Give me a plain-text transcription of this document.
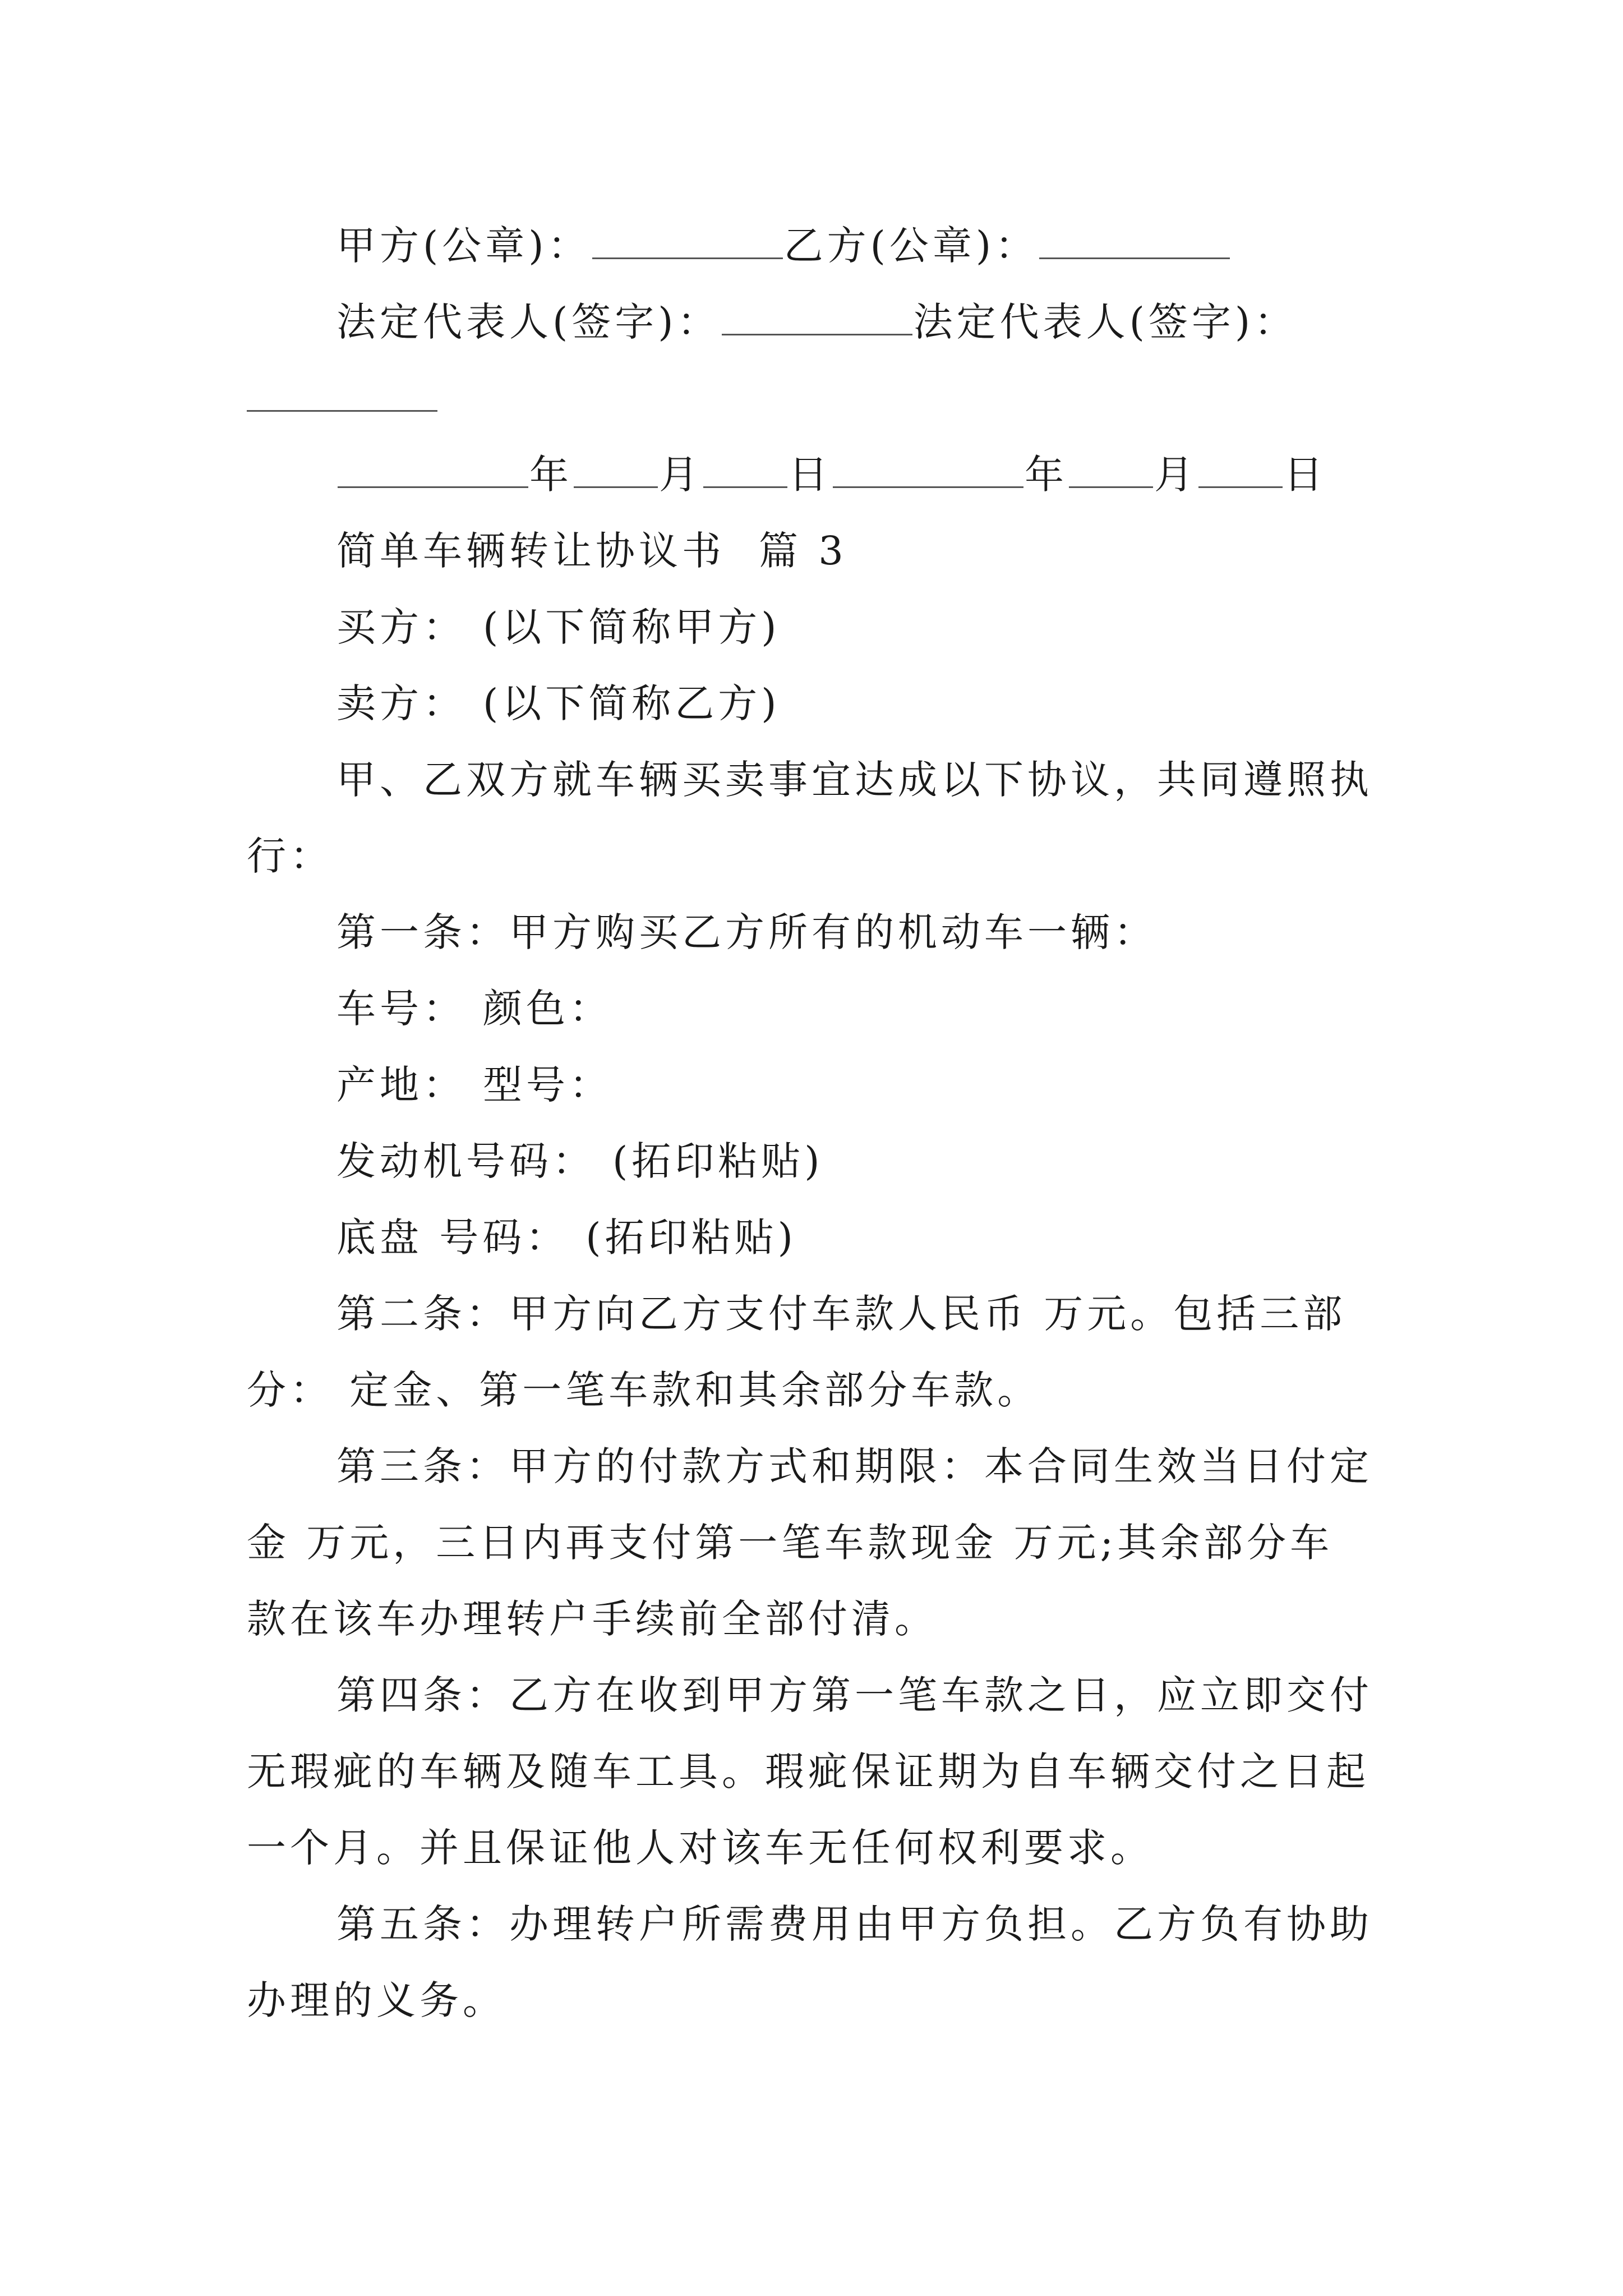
甲方(公章)：	乙方(公章)：
法定代表人(签字)：	法定代表人(签字)：
年 月 日	年 月 日
简单车辆转让协议书 篇 3
买方： (以下简称甲方)
卖方： (以下简称乙方)
甲、乙双方就车辆买卖事宜达成以下协议，共同遵照执
行：
第一条：甲方购买乙方所有的机动车一辆：
车号： 颜色：
产地： 型号：
发动机号码： (拓印粘贴)
底盘 号码： (拓印粘贴)
第二条：甲方向乙方支付车款人民币 万元。包括三部
分： 定金、第一笔车款和其余部分车款。
第三条：甲方的付款方式和期限：本合同生效当日付定
金 万元，三日内再支付第一笔车款现金 万元;其余部分车
款在该车办理转户手续前全部付清。
第四条：乙方在收到甲方第一笔车款之日，应立即交付
无瑕疵的车辆及随车工具。瑕疵保证期为自车辆交付之日起
一个月。并且保证他人对该车无任何权利要求。
第五条：办理转户所需费用由甲方负担。乙方负有协助
办理的义务。
